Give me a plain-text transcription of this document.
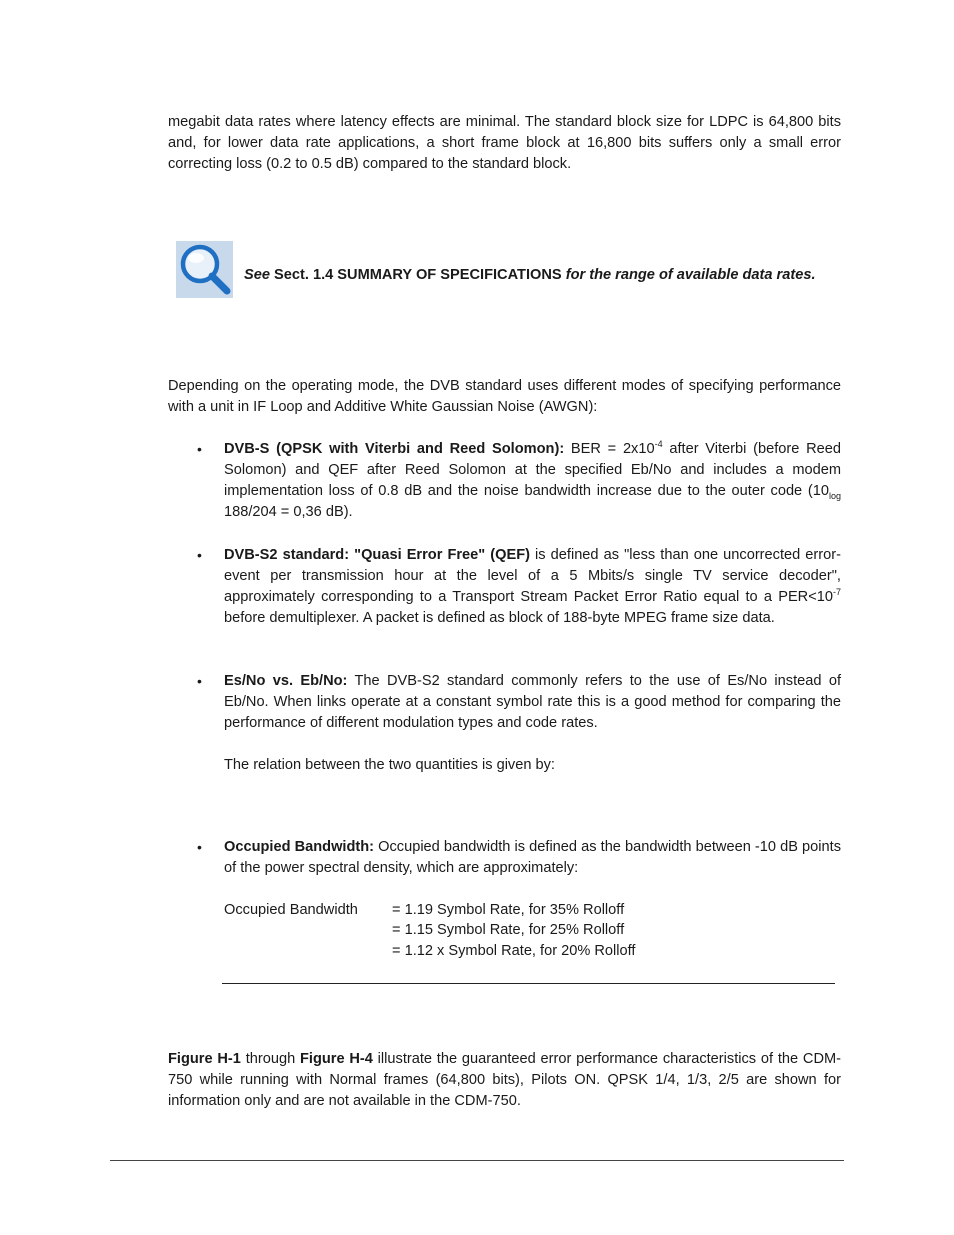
megabit data rates where latency effects are minimal. The standard block size for LDPC is 64,800 bits and, for lower data rate applications, a short frame block at 16,800 bits suffers only a small error correcting loss (0.2 to 0.5 dB) compared to the standard block.

See Sect. 1.4 SUMMARY OF SPECIFICATIONS for the range of available data rates.

Depending on the operating mode, the DVB standard uses different modes of specifying performance with a unit in IF Loop and Additive White Gaussian Noise (AWGN):

•	DVB-S (QPSK with Viterbi and Reed Solomon): BER = $2x10^{-4}$ after Viterbi (before Reed Solomon) and QEF after Reed Solomon at the specified Eb/No and includes a modem implementation loss of 0.8 dB and the noise bandwidth increase due to the outer code ($10_{log}$ 188/204 = 0,36 dB).

•	DVB-S2 standard: "Quasi Error Free" (QEF) is defined as "less than one uncorrected error-event per transmission hour at the level of a 5 Mbits/s single TV service decoder", approximately corresponding to a Transport Stream Packet Error Ratio equal to a $PER<10^{-7}$ before demultiplexer. A packet is defined as block of 188-byte MPEG frame size data.

•	Es/No vs. Eb/No: The DVB-S2 standard commonly refers to the use of Es/No instead of Eb/No. When links operate at a constant symbol rate this is a good method for comparing the performance of different modulation types and code rates.

The relation between the two quantities is given by:

•	Occupied Bandwidth: Occupied bandwidth is defined as the bandwidth between -10 dB points of the power spectral density, which are approximately:

Occupied Bandwidth = 1.19 Symbol Rate, for 35% Rolloff
= 1.15 Symbol Rate, for 25% Rolloff
= 1.12 x Symbol Rate, for 20% Rolloff

Figure H-1 through Figure H-4 illustrate the guaranteed error performance characteristics of the CDM-750 while running with Normal frames (64,800 bits), Pilots ON. QPSK 1/4, 1/3, 2/5 are shown for information only and are not available in the CDM-750.
